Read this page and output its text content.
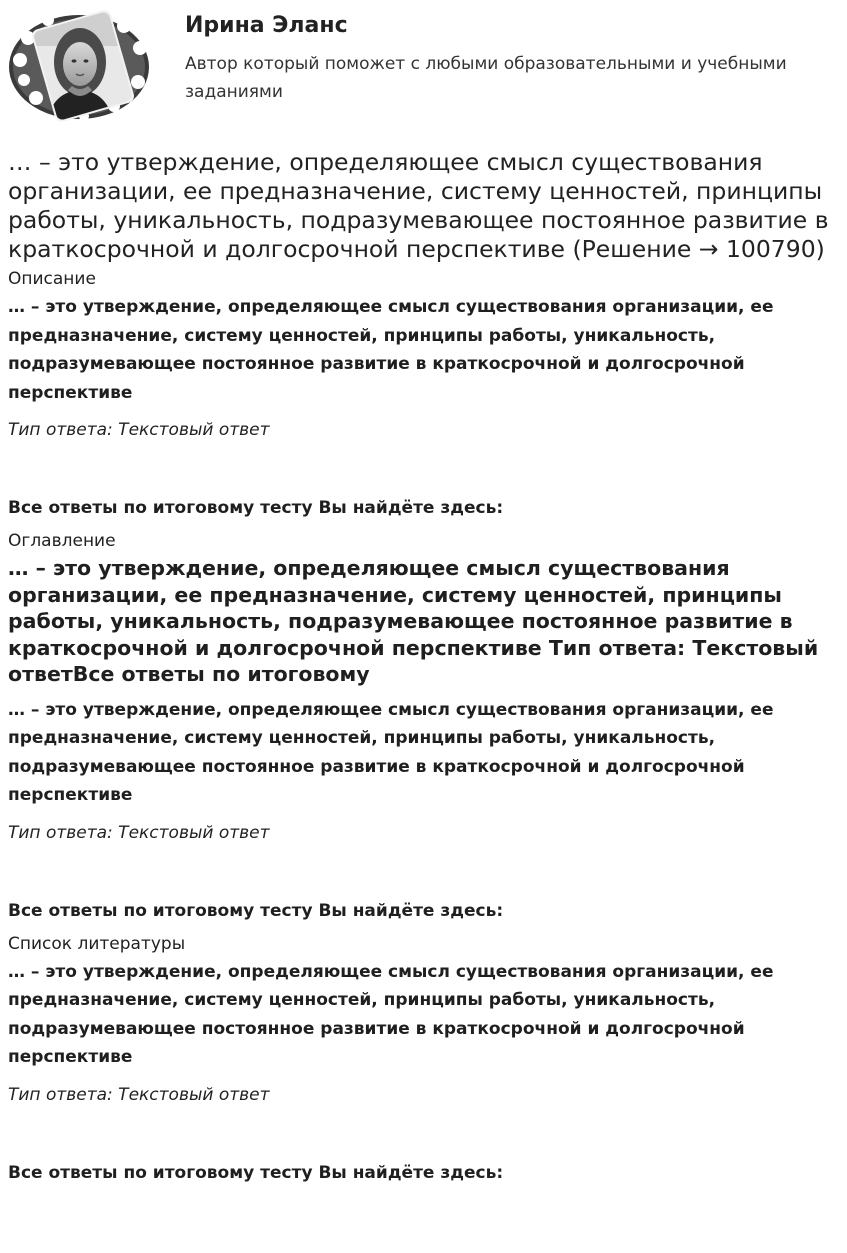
Ирина Эланс

Автор который поможет с любыми образовательными и учебными заданиями

… – это утверждение, определяющее смысл существования организации, ее предназначение, систему ценностей, принципы работы, уникальность, подразумевающее постоянное развитие в краткосрочной и долгосрочной перспективе (Решение → 100790)
Описание

… – это утверждение, определяющее смысл существования организации, ее предназначение, систему ценностей, принципы работы, уникальность, подразумевающее постоянное развитие в краткосрочной и долгосрочной перспективе

Тип ответа: Текстовый ответ

Все ответы по итоговому тесту Вы найдёте здесь:

Оглавление
… – это утверждение, определяющее смысл существования организации, ее предназначение, систему ценностей, принципы работы, уникальность, подразумевающее постоянное развитие в краткосрочной и долгосрочной перспективе Тип ответа: Текстовый ответВсе ответы по итоговому

… – это утверждение, определяющее смысл существования организации, ее предназначение, систему ценностей, принципы работы, уникальность, подразумевающее постоянное развитие в краткосрочной и долгосрочной перспективе

Тип ответа: Текстовый ответ

Все ответы по итоговому тесту Вы найдёте здесь:

Список литературы

… – это утверждение, определяющее смысл существования организации, ее предназначение, систему ценностей, принципы работы, уникальность, подразумевающее постоянное развитие в краткосрочной и долгосрочной перспективе

Тип ответа: Текстовый ответ

Все ответы по итоговому тесту Вы найдёте здесь:
